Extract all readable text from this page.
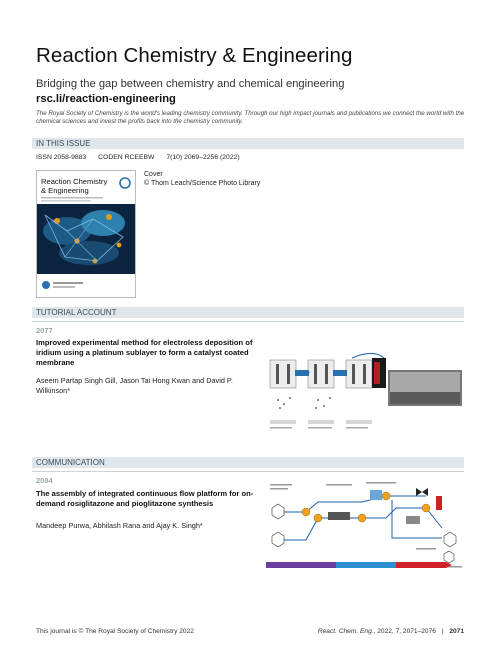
Reaction Chemistry & Engineering
Bridging the gap between chemistry and chemical engineering
rsc.li/reaction-engineering
The Royal Society of Chemistry is the world's leading chemistry community. Through our high impact journals and publications we connect the world with the chemical sciences and invest the profits back into the chemistry community.
IN THIS ISSUE
ISSN 2058-9883 CODEN RCEEBW 7(10) 2069–2256 (2022)
Reaction Chemistry
& Engineering
Cover
© Thom Leach/Science Photo Library
TUTORIAL ACCOUNT
2077
Improved experimental method for electroless deposition of iridium using a platinum sublayer to form a catalyst coated membrane
Aseem Partap Singh Gill, Jason Tai Hong Kwan and David P. Wilkinson*
COMMUNICATION
2084
The assembly of integrated continuous flow platform for on-demand rosiglitazone and pioglitazone synthesis
Mandeep Purwa, Abhilash Rana and Ajay K. Singh*
This journal is © The Royal Society of Chemistry 2022	React. Chem. Eng., 2022, 7, 2071–2076 | 2071
